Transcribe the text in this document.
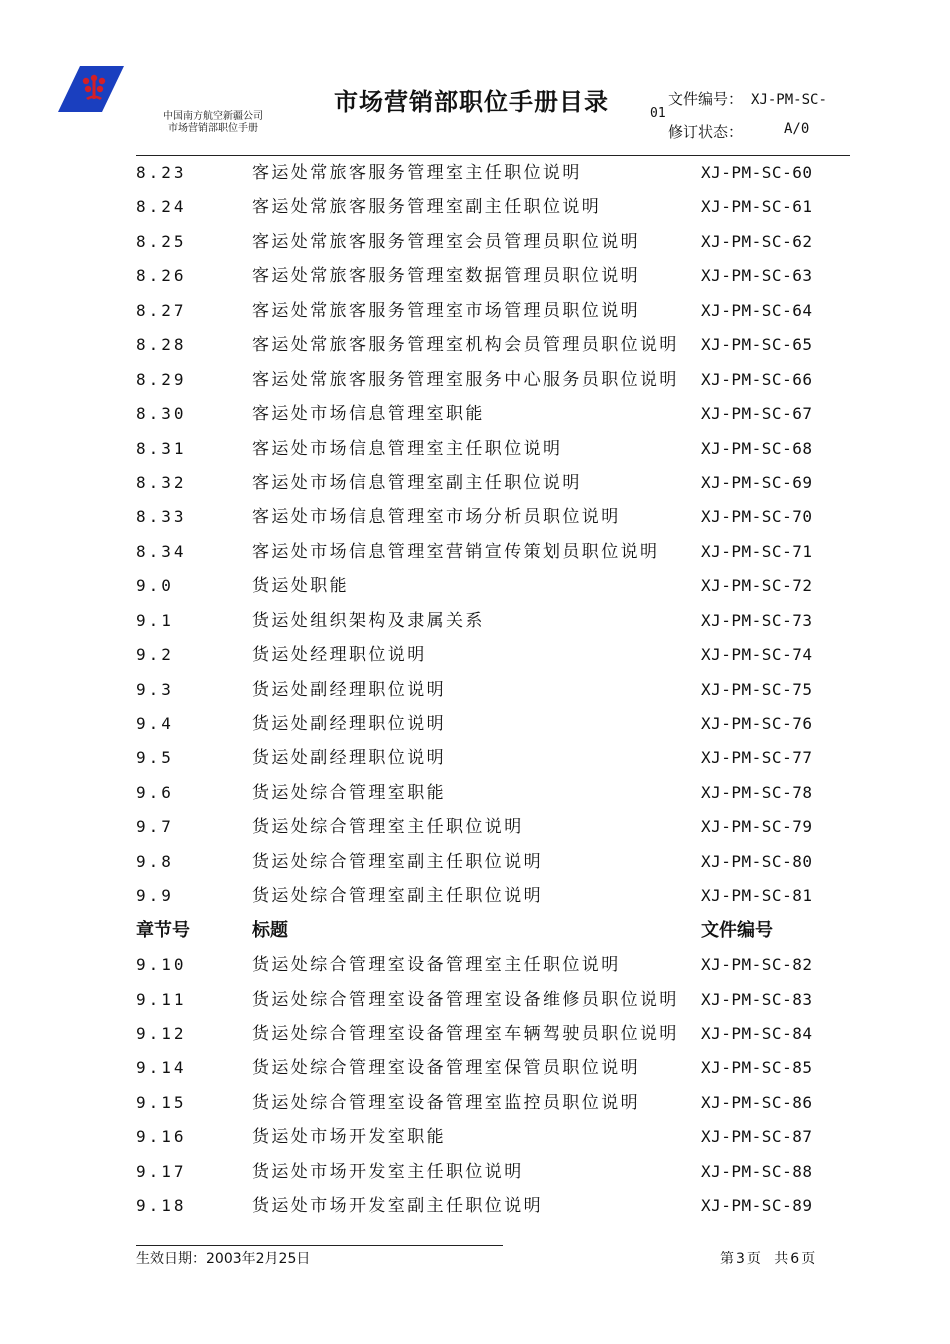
中国南方航空新疆公司
市场营销部职位手册
市场营销部职位手册目录	文件编号： XJ-PM-SC-
01
修订状态：	A/0
8.23	客运处常旅客服务管理室主任职位说明	XJ-PM-SC-60
8.24	客运处常旅客服务管理室副主任职位说明	XJ-PM-SC-61
8.25	客运处常旅客服务管理室会员管理员职位说明	XJ-PM-SC-62
8.26	客运处常旅客服务管理室数据管理员职位说明	XJ-PM-SC-63
8.27	客运处常旅客服务管理室市场管理员职位说明	XJ-PM-SC-64
8.28	客运处常旅客服务管理室机构会员管理员职位说明 XJ-PM-SC-65
8.29	客运处常旅客服务管理室服务中心服务员职位说明 XJ-PM-SC-66
8.30	客运处市场信息管理室职能	XJ-PM-SC-67
8.31	客运处市场信息管理室主任职位说明	XJ-PM-SC-68
8.32	客运处市场信息管理室副主任职位说明	XJ-PM-SC-69
8.33	客运处市场信息管理室市场分析员职位说明	XJ-PM-SC-70
8.34	客运处市场信息管理室营销宣传策划员职位说明	XJ-PM-SC-71
9.0	货运处职能	XJ-PM-SC-72
9.1	货运处组织架构及隶属关系	XJ-PM-SC-73
9.2	货运处经理职位说明	XJ-PM-SC-74
9.3	货运处副经理职位说明	XJ-PM-SC-75
9.4	货运处副经理职位说明	XJ-PM-SC-76
9.5	货运处副经理职位说明	XJ-PM-SC-77
9.6	货运处综合管理室职能	XJ-PM-SC-78
9.7	货运处综合管理室主任职位说明	XJ-PM-SC-79
9.8	货运处综合管理室副主任职位说明	XJ-PM-SC-80
9.9	货运处综合管理室副主任职位说明	XJ-PM-SC-81
章节号	标题	文件编号
9.10	货运处综合管理室设备管理室主任职位说明	XJ-PM-SC-82
9.11	货运处综合管理室设备管理室设备维修员职位说明 XJ-PM-SC-83
9.12	货运处综合管理室设备管理室车辆驾驶员职位说明 XJ-PM-SC-84
9.14	货运处综合管理室设备管理室保管员职位说明	XJ-PM-SC-85
9.15	货运处综合管理室设备管理室监控员职位说明	XJ-PM-SC-86
9.16	货运处市场开发室职能	XJ-PM-SC-87
9.17	货运处市场开发室主任职位说明	XJ-PM-SC-88
9.18	货运处市场开发室副主任职位说明	XJ-PM-SC-89
生效日期：2003年2月25日	第 3 页   共 6 页
